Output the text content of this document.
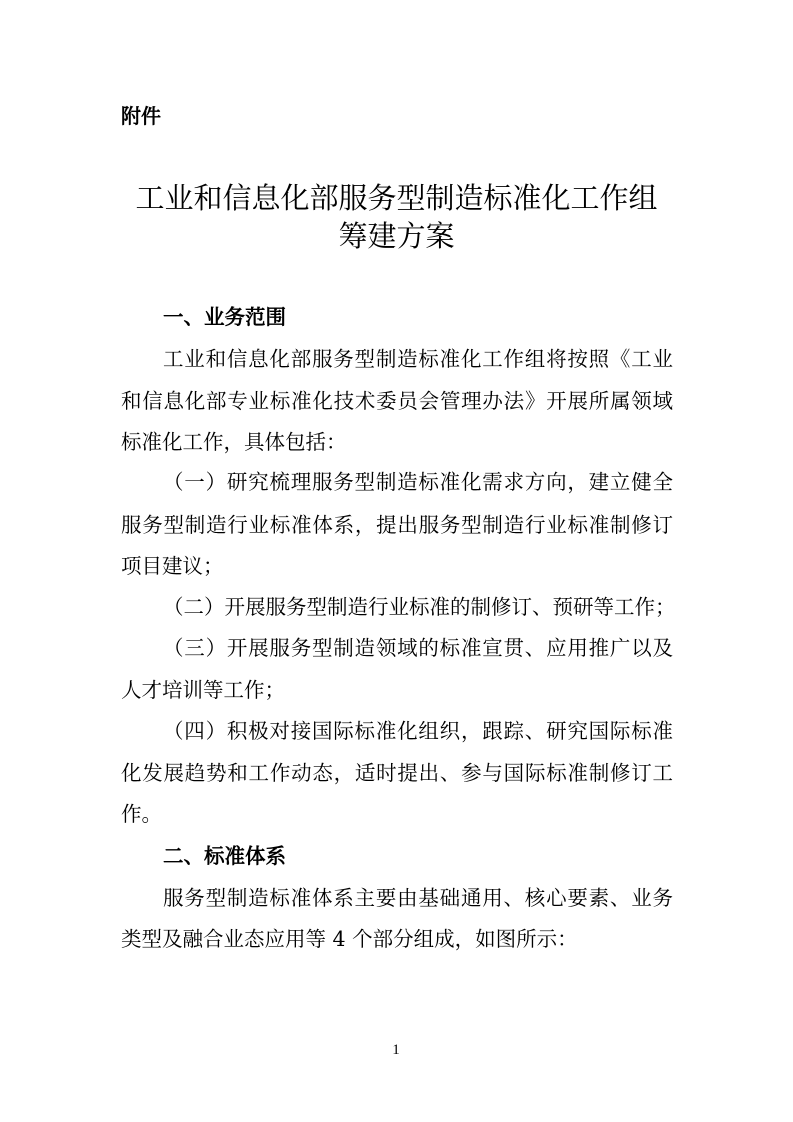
附件
工业和信息化部服务型制造标准化工作组
筹建方案
一、业务范围
工业和信息化部服务型制造标准化工作组将按照《工业
和信息化部专业标准化技术委员会管理办法》开展所属领域
标准化工作，具体包括：
（一）研究梳理服务型制造标准化需求方向，建立健全
服务型制造行业标准体系，提出服务型制造行业标准制修订
项目建议；
（二）开展服务型制造行业标准的制修订、预研等工作；
（三）开展服务型制造领域的标准宣贯、应用推广以及
人才培训等工作；
（四）积极对接国际标准化组织，跟踪、研究国际标准
化发展趋势和工作动态，适时提出、参与国际标准制修订工
作。
二、标准体系
服务型制造标准体系主要由基础通用、核心要素、业务
类型及融合业态应用等 4 个部分组成，如图所示：
1
